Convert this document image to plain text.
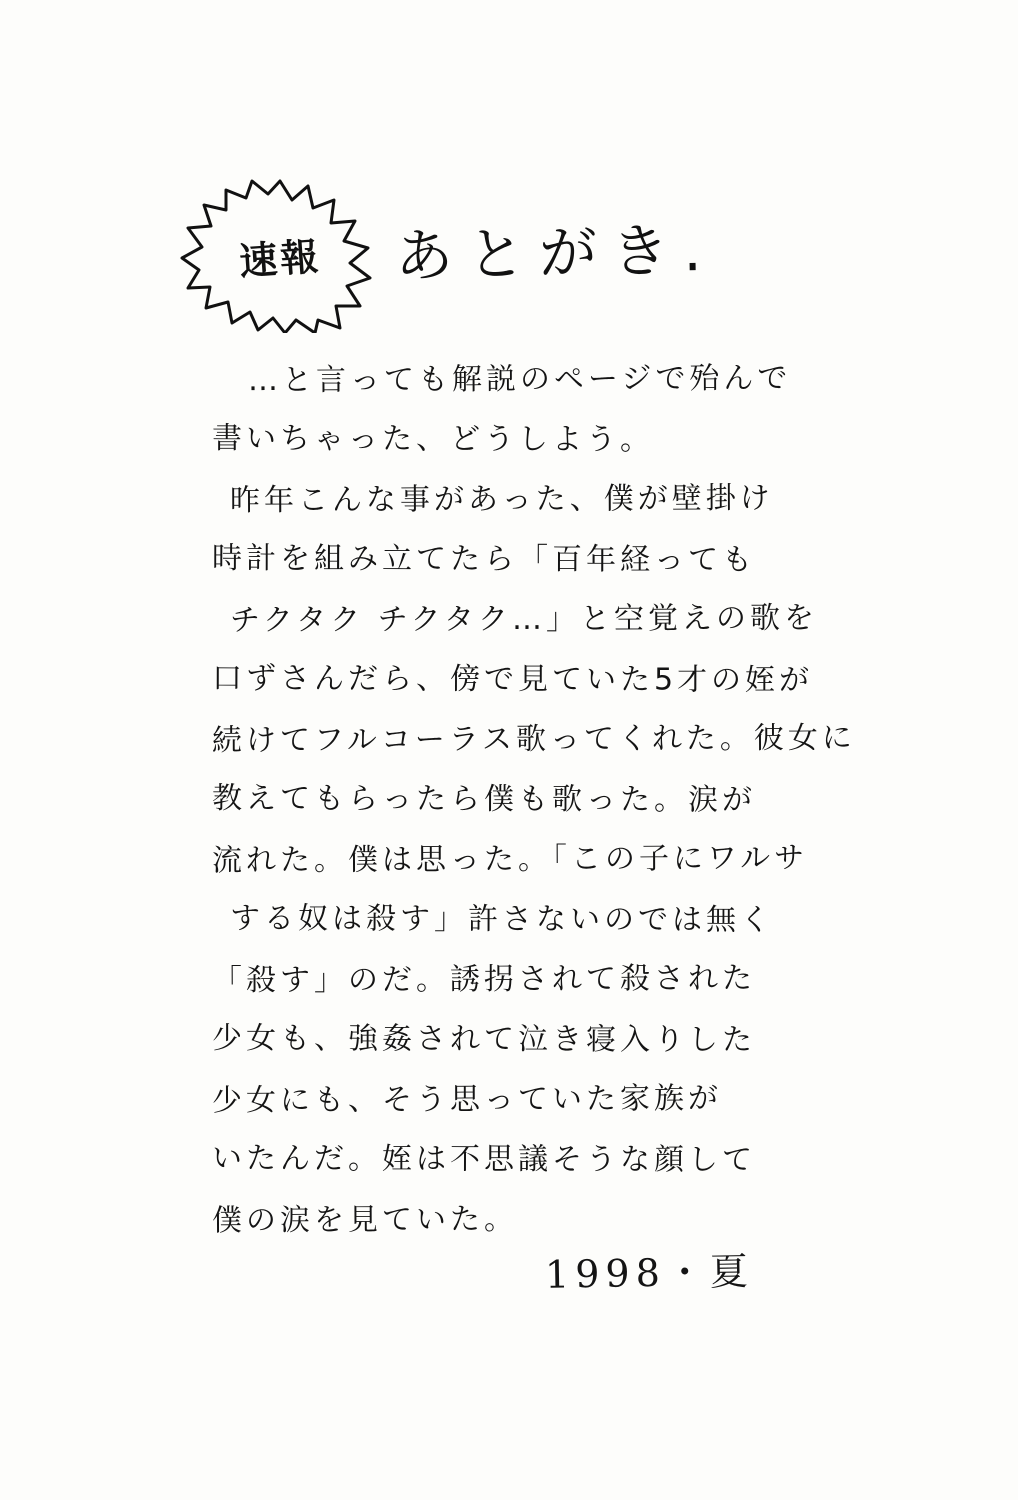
速報	あとがき.
…と言っても解説のページで殆んで
書いちゃった、どうしよう。
昨年こんな事があった、僕が壁掛け
時計を組み立てたら「百年経っても
チクタク チクタク…」と空覚えの歌を
口ずさんだら、傍で見ていた5才の姪が
続けてフルコーラス歌ってくれた。彼女に
教えてもらったら僕も歌った。涙が
流れた。僕は思った。「この子にワルサ
する奴は殺す」許さないのでは無く
「殺す」のだ。誘拐されて殺された
少女も、強姦されて泣き寝入りした
少女にも、そう思っていた家族が
いたんだ。姪は不思議そうな顔して
僕の涙を見ていた。
1998・夏
